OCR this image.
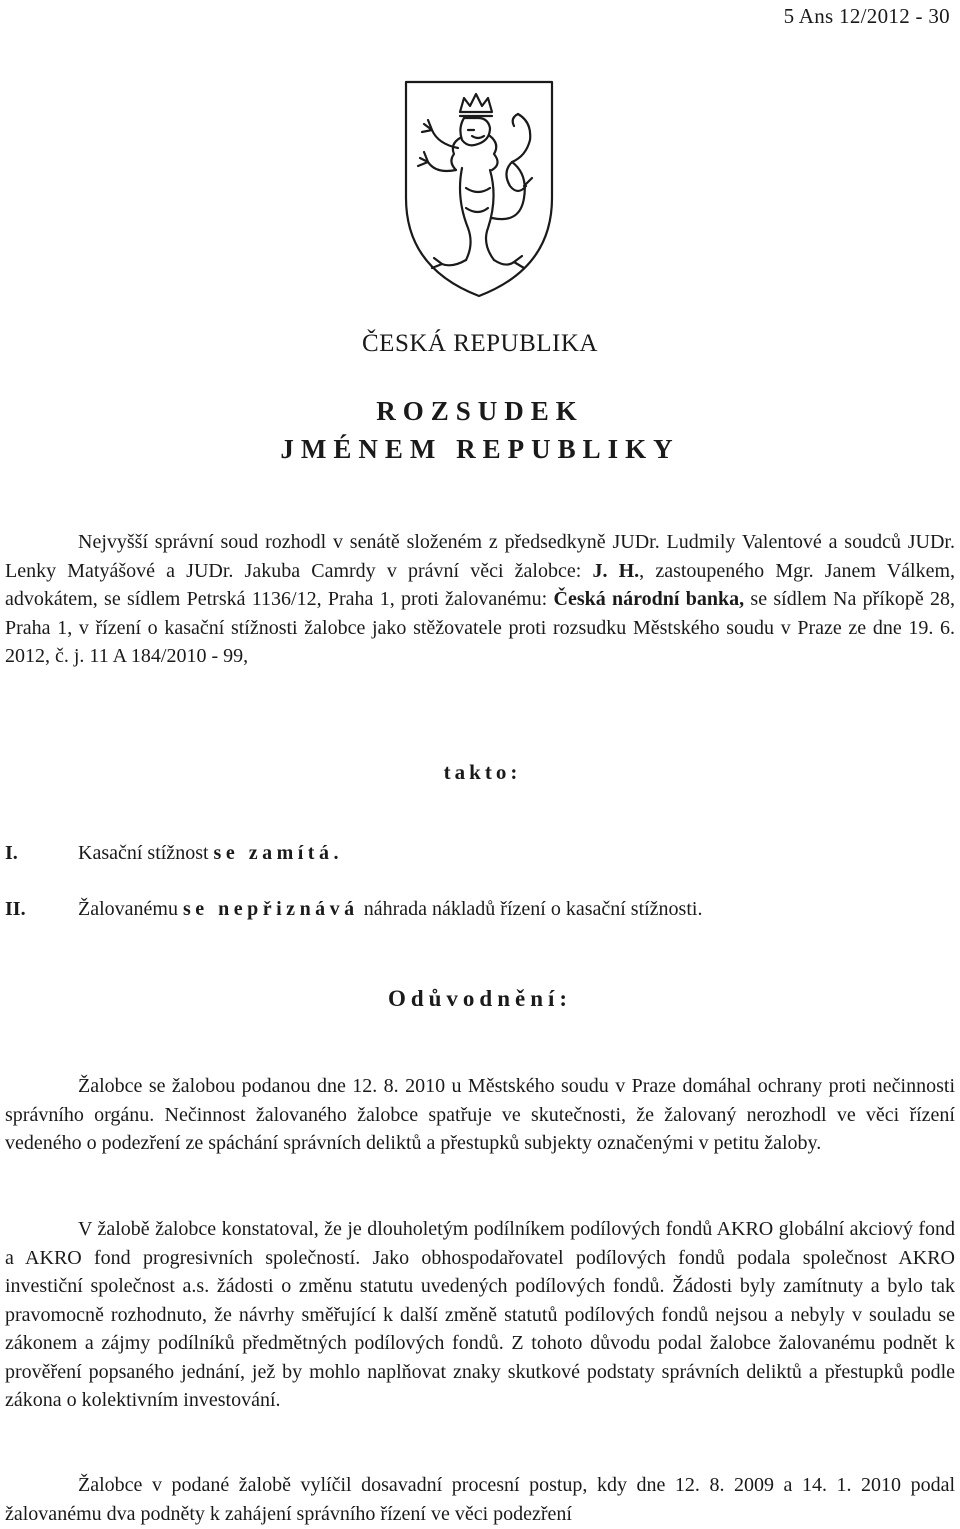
5 Ans 12/2012 - 30
ČESKÁ REPUBLIKA
ROZSUDEK
JMÉNEM REPUBLIKY

Nejvyšší správní soud rozhodl v senátě složeném z předsedkyně JUDr. Ludmily Valentové a soudců JUDr. Lenky Matyášové a JUDr. Jakuba Camrdy v právní věci žalobce: J. H., zastoupeného Mgr. Janem Válkem, advokátem, se sídlem Petrská 1136/12, Praha 1, proti žalovanému: Česká národní banka, se sídlem Na příkopě 28, Praha 1, v řízení o kasační stížnosti žalobce jako stěžovatele proti rozsudku Městského soudu v Praze ze dne 19. 6. 2012, č. j. 11 A 184/2010 - 99,

takto:
I.	Kasační stížnost se zamítá.
II.	Žalovanému se nepřiznává náhrada nákladů řízení o kasační stížnosti.
Odůvodnění:

Žalobce se žalobou podanou dne 12. 8. 2010 u Městského soudu v Praze domáhal ochrany proti nečinnosti správního orgánu. Nečinnost žalovaného žalobce spatřuje ve skutečnosti, že žalovaný nerozhodl ve věci řízení vedeného o podezření ze spáchání správních deliktů a přestupků subjekty označenými v petitu žaloby.

V žalobě žalobce konstatoval, že je dlouholetým podílníkem podílových fondů AKRO globální akciový fond a AKRO fond progresivních společností. Jako obhospodařovatel podílových fondů podala společnost AKRO investiční společnost a.s. žádosti o změnu statutu uvedených podílových fondů. Žádosti byly zamítnuty a bylo tak pravomocně rozhodnuto, že návrhy směřující k další změně statutů podílových fondů nejsou a nebyly v souladu se zákonem a zájmy podílníků předmětných podílových fondů. Z tohoto důvodu podal žalobce žalovanému podnět k prověření popsaného jednání, jež by mohlo naplňovat znaky skutkové podstaty správních deliktů a přestupků podle zákona o kolektivním investování.

Žalobce v podané žalobě vylíčil dosavadní procesní postup, kdy dne 12. 8. 2009 a 14. 1. 2010 podal žalovanému dva podněty k zahájení správního řízení ve věci podezření
